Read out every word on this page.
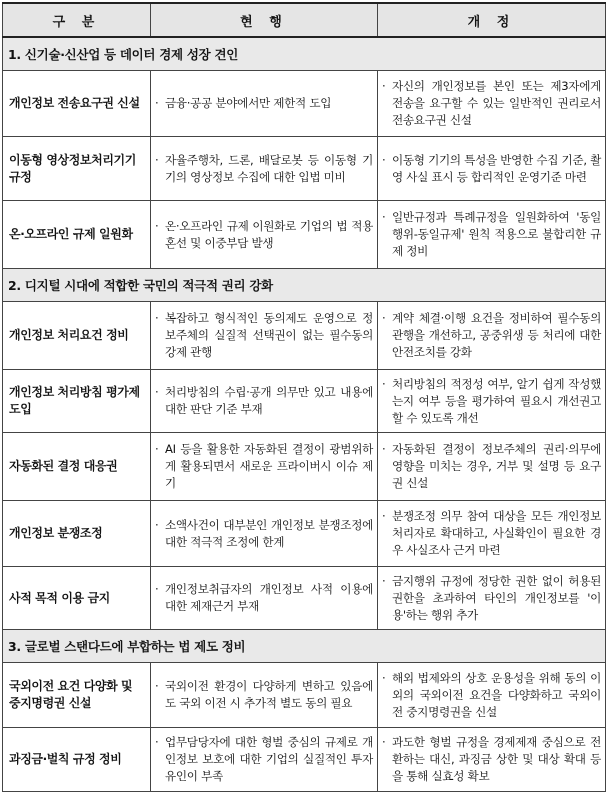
구 분	현 행	개 정
1. 신기술·신산업 등 데이터 경제 성장 견인		
개인정보 전송요구권 신설	· 금융·공공 분야에서만 제한적 도입	· 자신의 개인정보를 본인 또는 제3자에게 전송을 요구할 수 있는 일반적인 권리로서 전송요구권 신설

이동형 영상정보처리기기 규정	· 자율주행차, 드론, 배달로봇 등 이동형 기기의 영상정보 수집에 대한 입법 미비	· 이동형 기기의 특성을 반영한 수집 기준, 촬영 사실 표시 등 합리적인 운영기준 마련

온·오프라인 규제 일원화	· 온·오프라인 규제 이원화로 기업의 법 적용 혼선 및 이중부담 발생	· 일반규정과 특례규정을 일원화하여 '동일행위-동일규제' 원칙 적용으로 불합리한 규제 정비

2. 디지털 시대에 적합한 국민의 적극적 권리 강화		
개인정보 처리요건 정비	· 복잡하고 형식적인 동의제도 운영으로 정보주체의 실질적 선택권이 없는 필수동의 강제 관행	· 계약 체결·이행 요건을 정비하여 필수동의 관행을 개선하고, 공중위생 등 처리에 대한 안전조치를 강화

개인정보 처리방침 평가제 도입	· 처리방침의 수립·공개 의무만 있고 내용에 대한 판단 기준 부재	· 처리방침의 적정성 여부, 알기 쉽게 작성했는지 여부 등을 평가하여 필요시 개선권고 할 수 있도록 개선

자동화된 결정 대응권	· AI 등을 활용한 자동화된 결정이 광범위하게 활용되면서 새로운 프라이버시 이슈 제기	· 자동화된 결정이 정보주체의 권리·의무에 영향을 미치는 경우, 거부 및 설명 등 요구권 신설

개인정보 분쟁조정	· 소액사건이 대부분인 개인정보 분쟁조정에 대한 적극적 조정에 한계	· 분쟁조정 의무 참여 대상을 모든 개인정보처리자로 확대하고, 사실확인이 필요한 경우 사실조사 근거 마련

사적 목적 이용 금지	· 개인정보취급자의 개인정보 사적 이용에 대한 제재근거 부재	· 금지행위 규정에 정당한 권한 없이 허용된 권한을 초과하여 타인의 개인정보를 '이용'하는 행위 추가

3. 글로벌 스탠다드에 부합하는 법 제도 정비		
국외이전 요건 다양화 및 중지명령권 신설	· 국외이전 환경이 다양하게 변하고 있음에도 국외 이전 시 추가적 별도 동의 필요	· 해외 법제와의 상호 운용성을 위해 동의 이외의 국외이전 요건을 다양화하고 국외이전 중지명령권을 신설

과징금·벌칙 규정 정비	· 업무담당자에 대한 형벌 중심의 규제로 개인정보 보호에 대한 기업의 실질적인 투자 유인이 부족	· 과도한 형벌 규정을 경제제재 중심으로 전환하는 대신, 과징금 상한 및 대상 확대 등을 통해 실효성 확보
